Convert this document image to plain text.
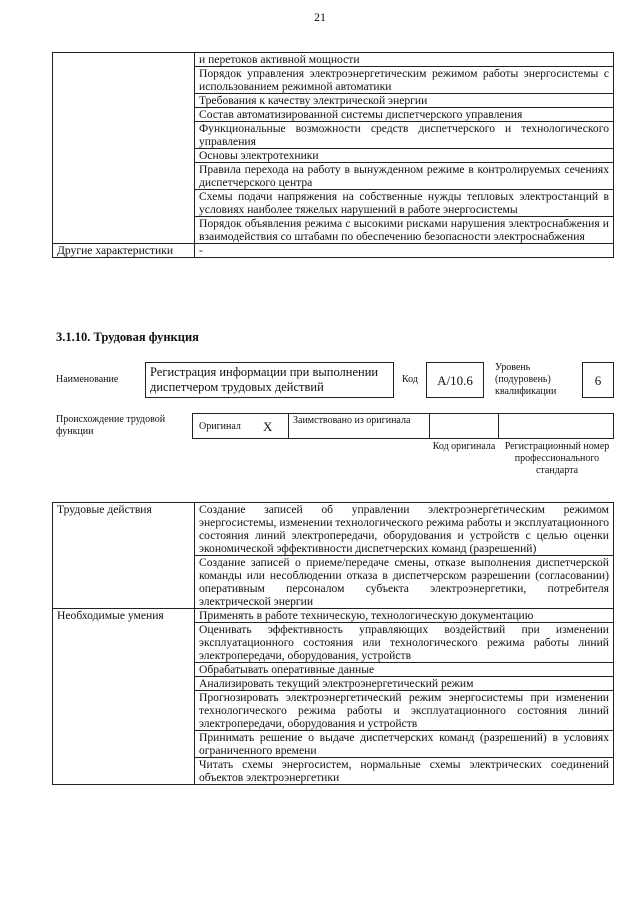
21
	и перетоков активной мощности
	Порядок управления электроэнергетическим режимом работы энергосистемы с использованием режимной автоматики
	Требования к качеству электрической энергии
	Состав автоматизированной системы диспетчерского управления
	Функциональные возможности средств диспетчерского и технологического управления
	Основы электротехники
	Правила перехода на работу в вынужденном режиме в контролируемых сечениях диспетчерского центра
	Схемы подачи напряжения на собственные нужды тепловых электростанций в условиях наиболее тяжелых нарушений в работе энергосистемы
	Порядок объявления режима с высокими рисками нарушения электроснабжения и взаимодействия со штабами по обеспечению безопасности электроснабжения
Другие характеристики	-
3.1.10. Трудовая функция
Наименование
Регистрация информации при выполнении диспетчером трудовых действий
Код	A/10.6
Уровень (подуровень) квалификации
6
Происхождение трудовой функции	Оригинал X Заимствовано из оригинала
Код оригинала Регистрационный номер профессионального стандарта
Трудовые действия	Создание записей об управлении электроэнергетическим режимом энергосистемы, изменении технологического режима работы и эксплуатационного состояния линий электропередачи, оборудования и устройств с целью оценки экономической эффективности диспетчерских команд (разрешений)
	Создание записей о приеме/передаче смены, отказе выполнения диспетчерской команды или несоблюдении отказа в диспетчерском разрешении (согласовании) оперативным персоналом субъекта электроэнергетики, потребителя электрической энергии
Необходимые умения	Применять в работе техническую, технологическую документацию
	Оценивать эффективность управляющих воздействий при изменении эксплуатационного состояния или технологического режима работы линий электропередачи, оборудования, устройств
	Обрабатывать оперативные данные
	Анализировать текущий электроэнергетический режим
	Прогнозировать электроэнергетический режим энергосистемы при изменении технологического режима работы и эксплуатационного состояния линий электропередачи, оборудования и устройств
	Принимать решение о выдаче диспетчерских команд (разрешений) в условиях ограниченного времени
	Читать схемы энергосистем, нормальные схемы электрических соединений объектов электроэнергетики
